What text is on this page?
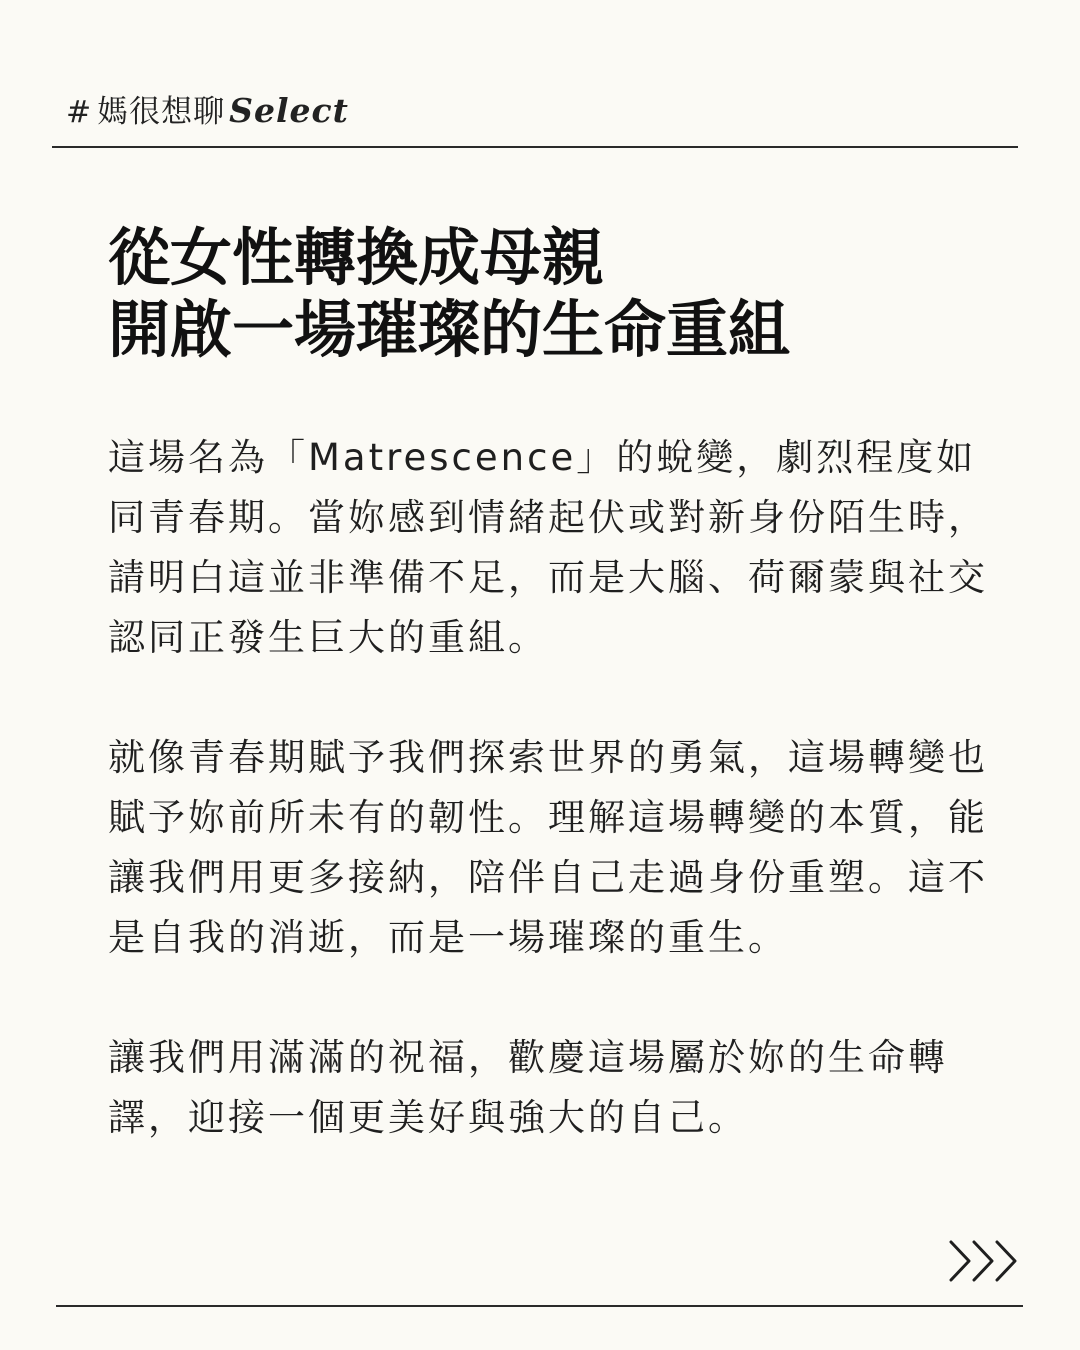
# 媽很想聊 Select
從女性轉換成母親
開啟一場璀璨的生命重組

這場名為「Matrescence」的蛻變，劇烈程度如同青春期。當妳感到情緒起伏或對新身份陌生時，請明白這並非準備不足，而是大腦、荷爾蒙與社交認同正發生巨大的重組。

就像青春期賦予我們探索世界的勇氣，這場轉變也賦予妳前所未有的韌性。理解這場轉變的本質，能讓我們用更多接納，陪伴自己走過身份重塑。這不是自我的消逝，而是一場璀璨的重生。

讓我們用滿滿的祝福，歡慶這場屬於妳的生命轉譯，迎接一個更美好與強大的自己。
